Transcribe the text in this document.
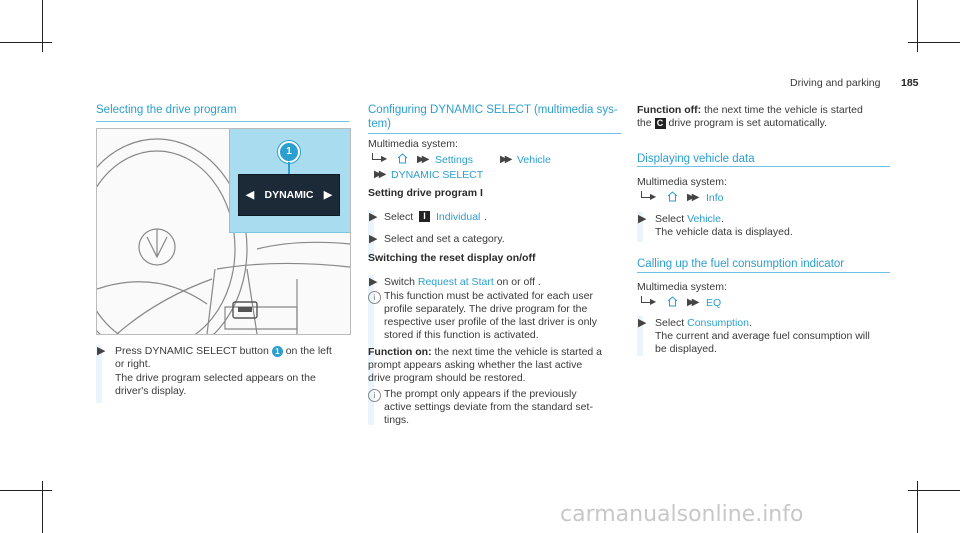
Driving and parking 185
Selecting the drive program
1
◀ DYNAMIC ▶
▶ Press DYNAMIC SELECT button 1 on the left
or right.
The drive program selected appears on the
driver's display.
Configuring DYNAMIC SELECT (multimedia sys-
tem)
Multimedia system:
▶	▶▶ Settings	▶▶ Vehicle
▶▶ DYNAMIC SELECT
Setting drive program I
▶ Select	I Individual .
▶ Select and set a category.
Switching the reset display on/off
▶ Switch Request at Start on or off .
i This function must be activated for each user
profile separately. The drive program for the
respective user profile of the last driver is only
stored if this function is activated.
Function on: the next time the vehicle is started a
prompt appears asking whether the last active
drive program should be restored.
i The prompt only appears if the previously
active settings deviate from the standard set-
tings.
Function off: the next time the vehicle is started
the C drive program is set automatically.
Displaying vehicle data
Multimedia system:
▶	▶▶ Info
▶ Select Vehicle.
The vehicle data is displayed.
Calling up the fuel consumption indicator
Multimedia system:
▶	▶▶ EQ
▶ Select Consumption.
The current and average fuel consumption will
be displayed.
carmanualsonline.info
